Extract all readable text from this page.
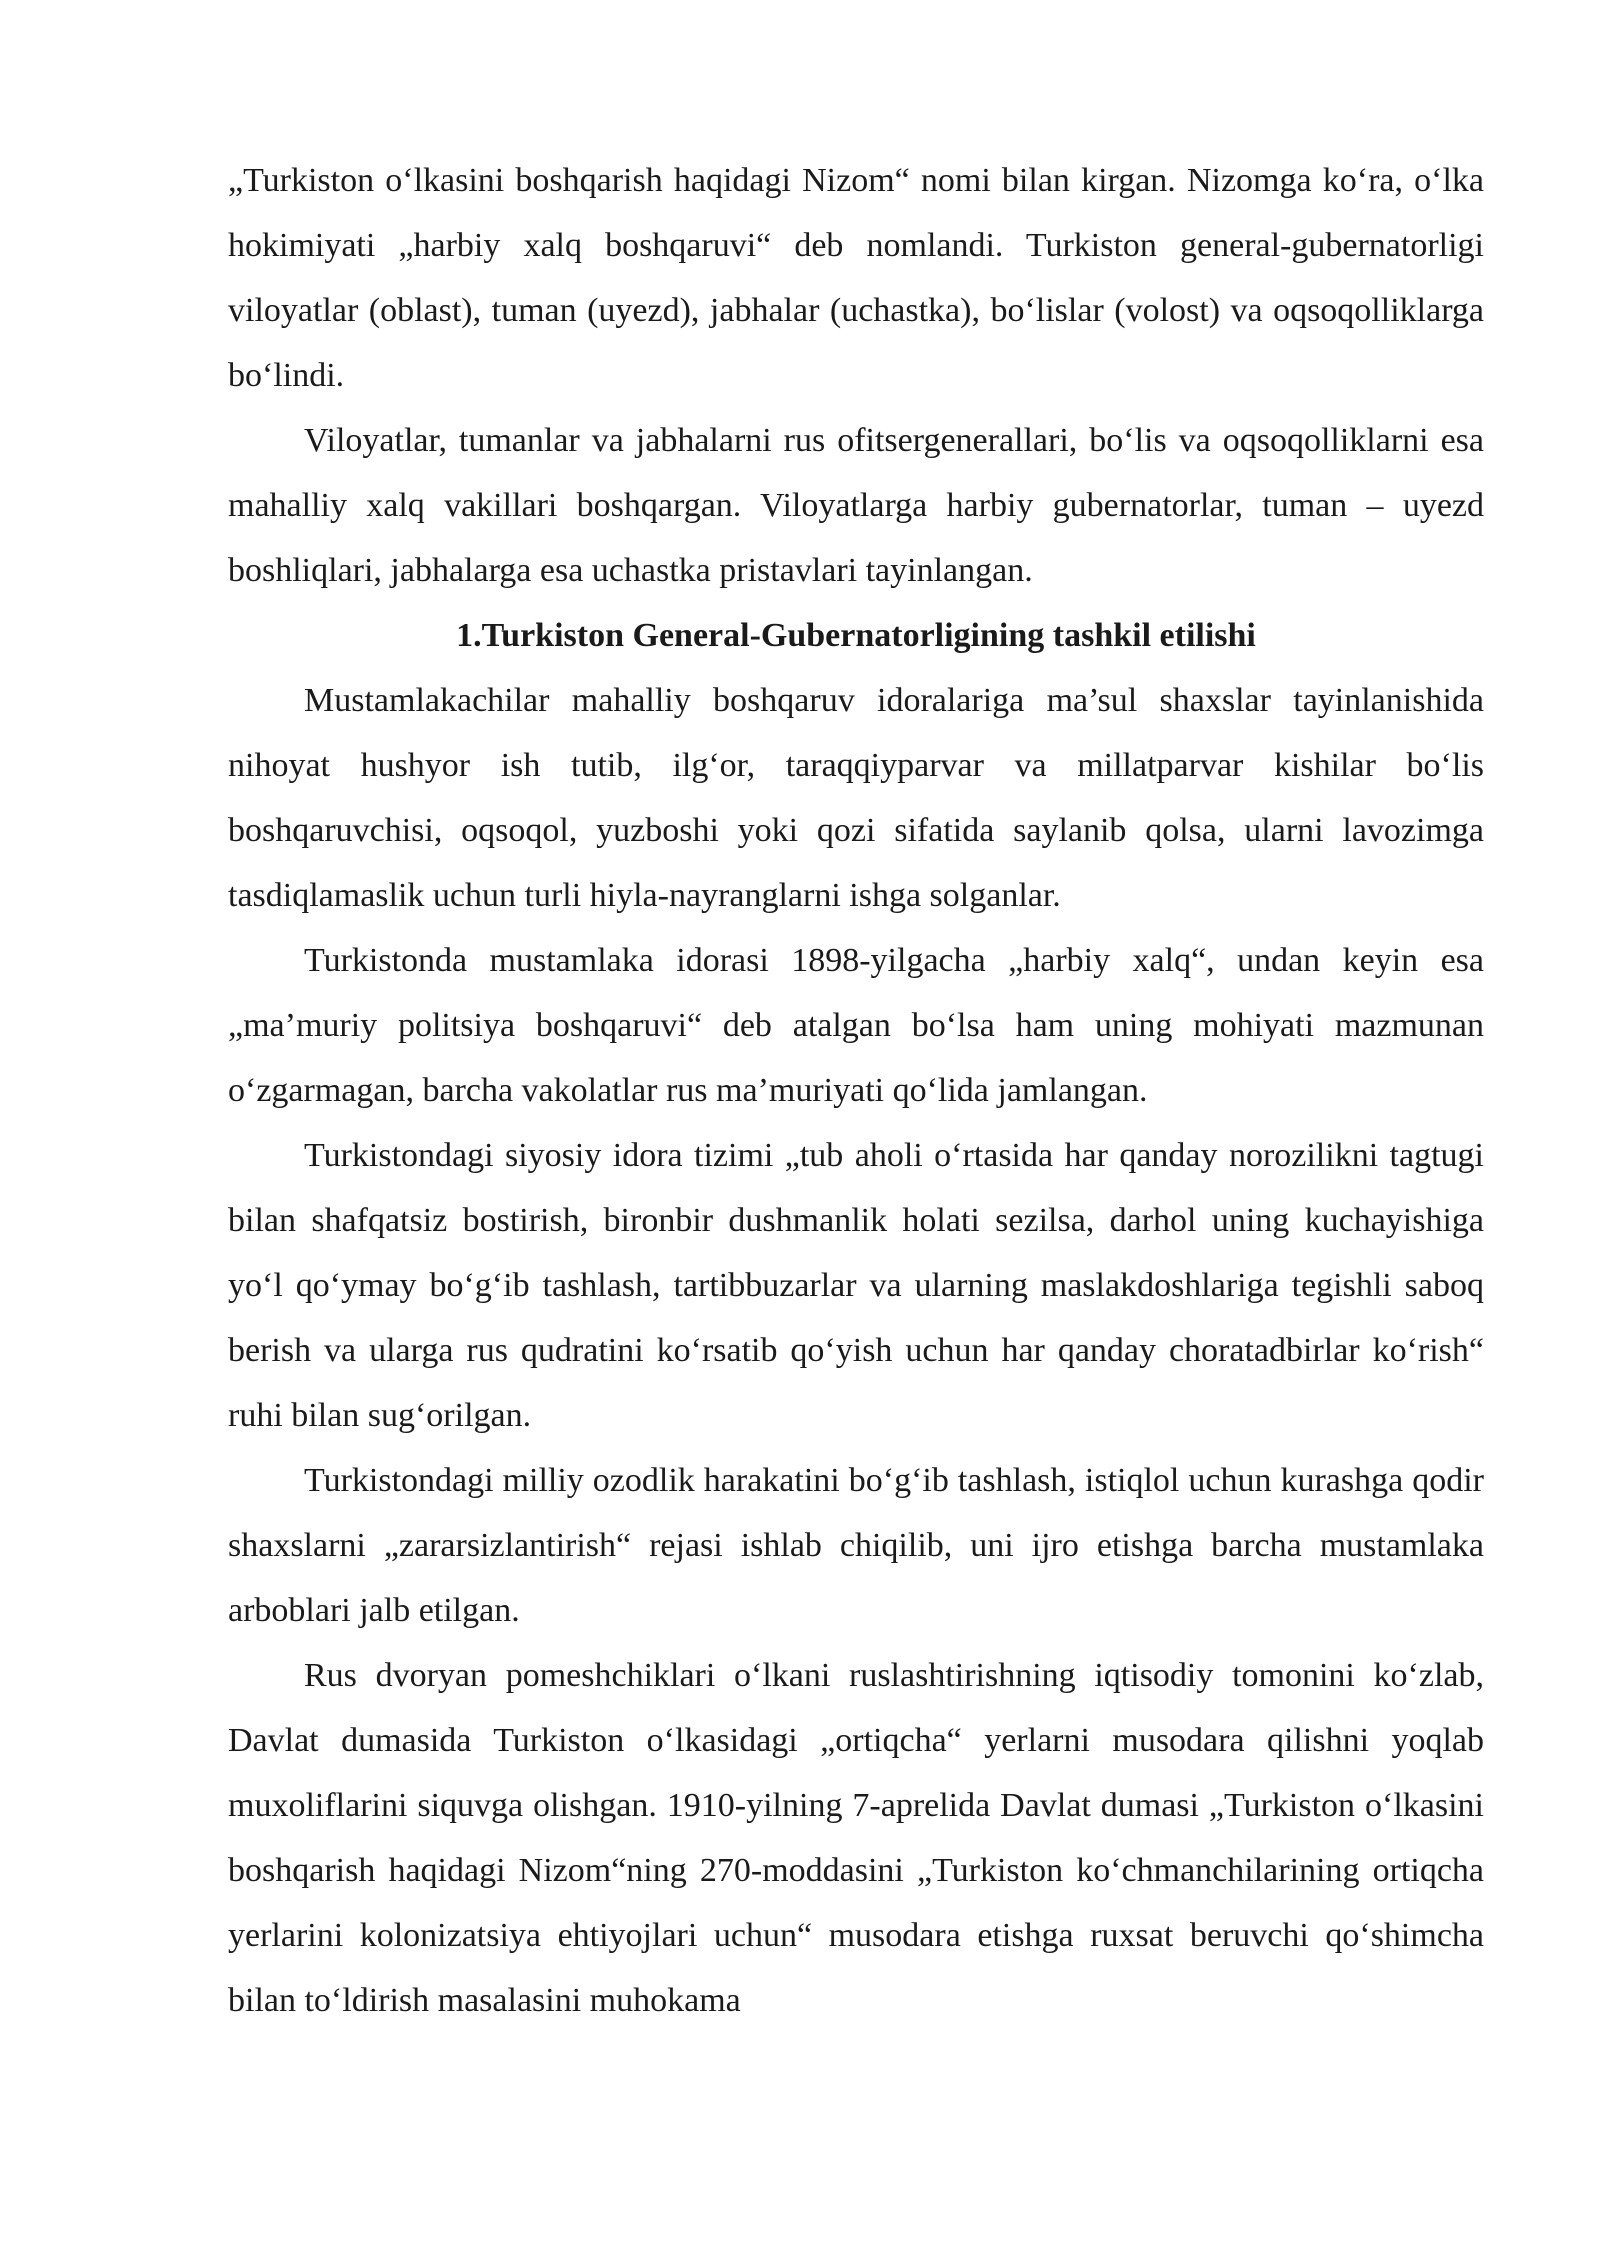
„Turkiston o‘lkasini boshqarish haqidagi Nizom“ nomi bilan kirgan. Nizomga ko‘ra, o‘lka hokimiyati „harbiy xalq boshqaruvi“ deb nomlandi. Turkiston general-gubernatorligi viloyatlar (oblast), tuman (uyezd), jabhalar (uchastka), bo‘lislar (volost) va oqsoqolliklarga bo‘lindi.

Viloyatlar, tumanlar va jabhalarni rus ofitsergenerallari, bo‘lis va oqsoqolliklarni esa mahalliy xalq vakillari boshqargan. Viloyatlarga harbiy gubernatorlar, tuman – uyezd boshliqlari, jabhalarga esa uchastka pristavlari tayinlangan.

1.Turkiston General-Gubernatorligining tashkil etilishi

Mustamlakachilar mahalliy boshqaruv idoralariga ma’sul shaxslar tayinlanishida nihoyat hushyor ish tutib, ilg‘or, taraqqiyparvar va millatparvar kishilar bo‘lis boshqaruvchisi, oqsoqol, yuzboshi yoki qozi sifatida saylanib qolsa, ularni lavozimga tasdiqlamaslik uchun turli hiyla-nayranglarni ishga solganlar.

Turkistonda mustamlaka idorasi 1898-yilgacha „harbiy xalq“, undan keyin esa „ma’muriy politsiya boshqaruvi“ deb atalgan bo‘lsa ham uning mohiyati mazmunan o‘zgarmagan, barcha vakolatlar rus ma’muriyati qo‘lida jamlangan.

Turkistondagi siyosiy idora tizimi „tub aholi o‘rtasida har qanday norozilikni tagtugi bilan shafqatsiz bostirish, bironbir dushmanlik holati sezilsa, darhol uning kuchayishiga yo‘l qo‘ymay bo‘g‘ib tashlash, tartibbuzarlar va ularning maslakdoshlariga tegishli saboq berish va ularga rus qudratini ko‘rsatib qo‘yish uchun har qanday choratadbirlar ko‘rish“ ruhi bilan sug‘orilgan.

Turkistondagi milliy ozodlik harakatini bo‘g‘ib tashlash, istiqlol uchun kurashga qodir shaxslarni „zararsizlantirish“ rejasi ishlab chiqilib, uni ijro etishga barcha mustamlaka arboblari jalb etilgan.

Rus dvoryan pomeshchiklari o‘lkani ruslashtirishning iqtisodiy tomonini ko‘zlab, Davlat dumasida Turkiston o‘lkasidagi „ortiqcha“ yerlarni musodara qilishni yoqlab muxoliflarini siquvga olishgan. 1910-yilning 7-aprelida Davlat dumasi „Turkiston o‘lkasini boshqarish haqidagi Nizom“ning 270-moddasini „Turkiston ko‘chmanchilarining ortiqcha yerlarini kolonizatsiya ehtiyojlari uchun“ musodara etishga ruxsat beruvchi qo‘shimcha bilan to‘ldirish masalasini muhokama
